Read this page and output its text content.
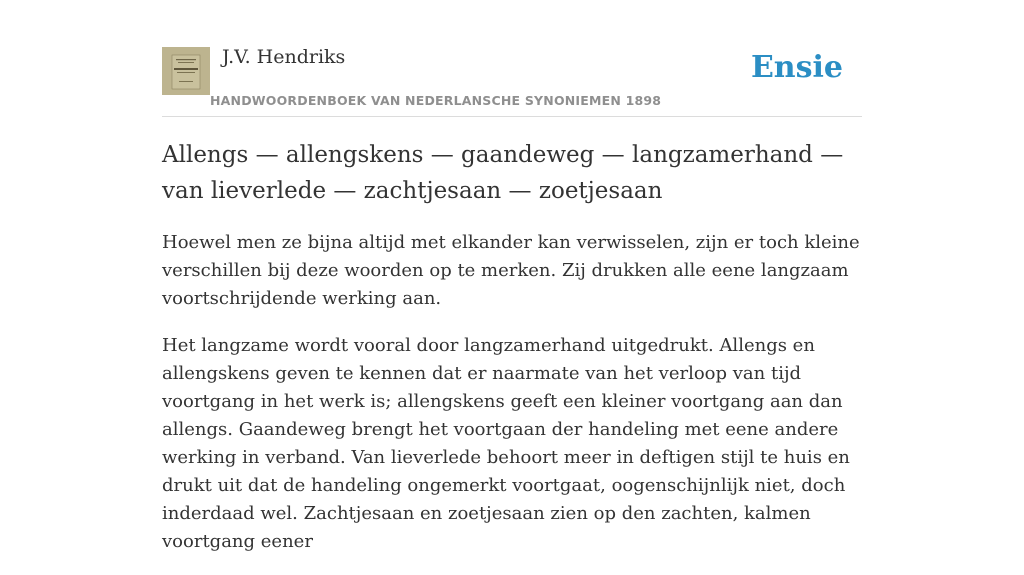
J.V. Hendriks
HANDWOORDENBOEK VAN NEDERLANSCHE SYNONIEMEN 1898
Ensie
Allengs — allengskens — gaandeweg — langzamerhand — van lieverlede — zachtjesaan — zoetjesaan

Hoewel men ze bijna altijd met elkander kan verwisselen, zijn er toch kleine verschillen bij deze woorden op te merken. Zij drukken alle eene langzaam voortschrijdende werking aan.

Het langzame wordt vooral door langzamerhand uitgedrukt. Allengs en allengskens geven te kennen dat er naarmate van het verloop van tijd voortgang in het werk is; allengskens geeft een kleiner voortgang aan dan allengs. Gaandeweg brengt het voortgaan der handeling met eene andere werking in verband. Van lieverlede behoort meer in deftigen stijl te huis en drukt uit dat de handeling ongemerkt voortgaat, oogenschijnlijk niet, doch inderdaad wel. Zachtjesaan en zoetjesaan zien op den zachten, kalmen voortgang eener
